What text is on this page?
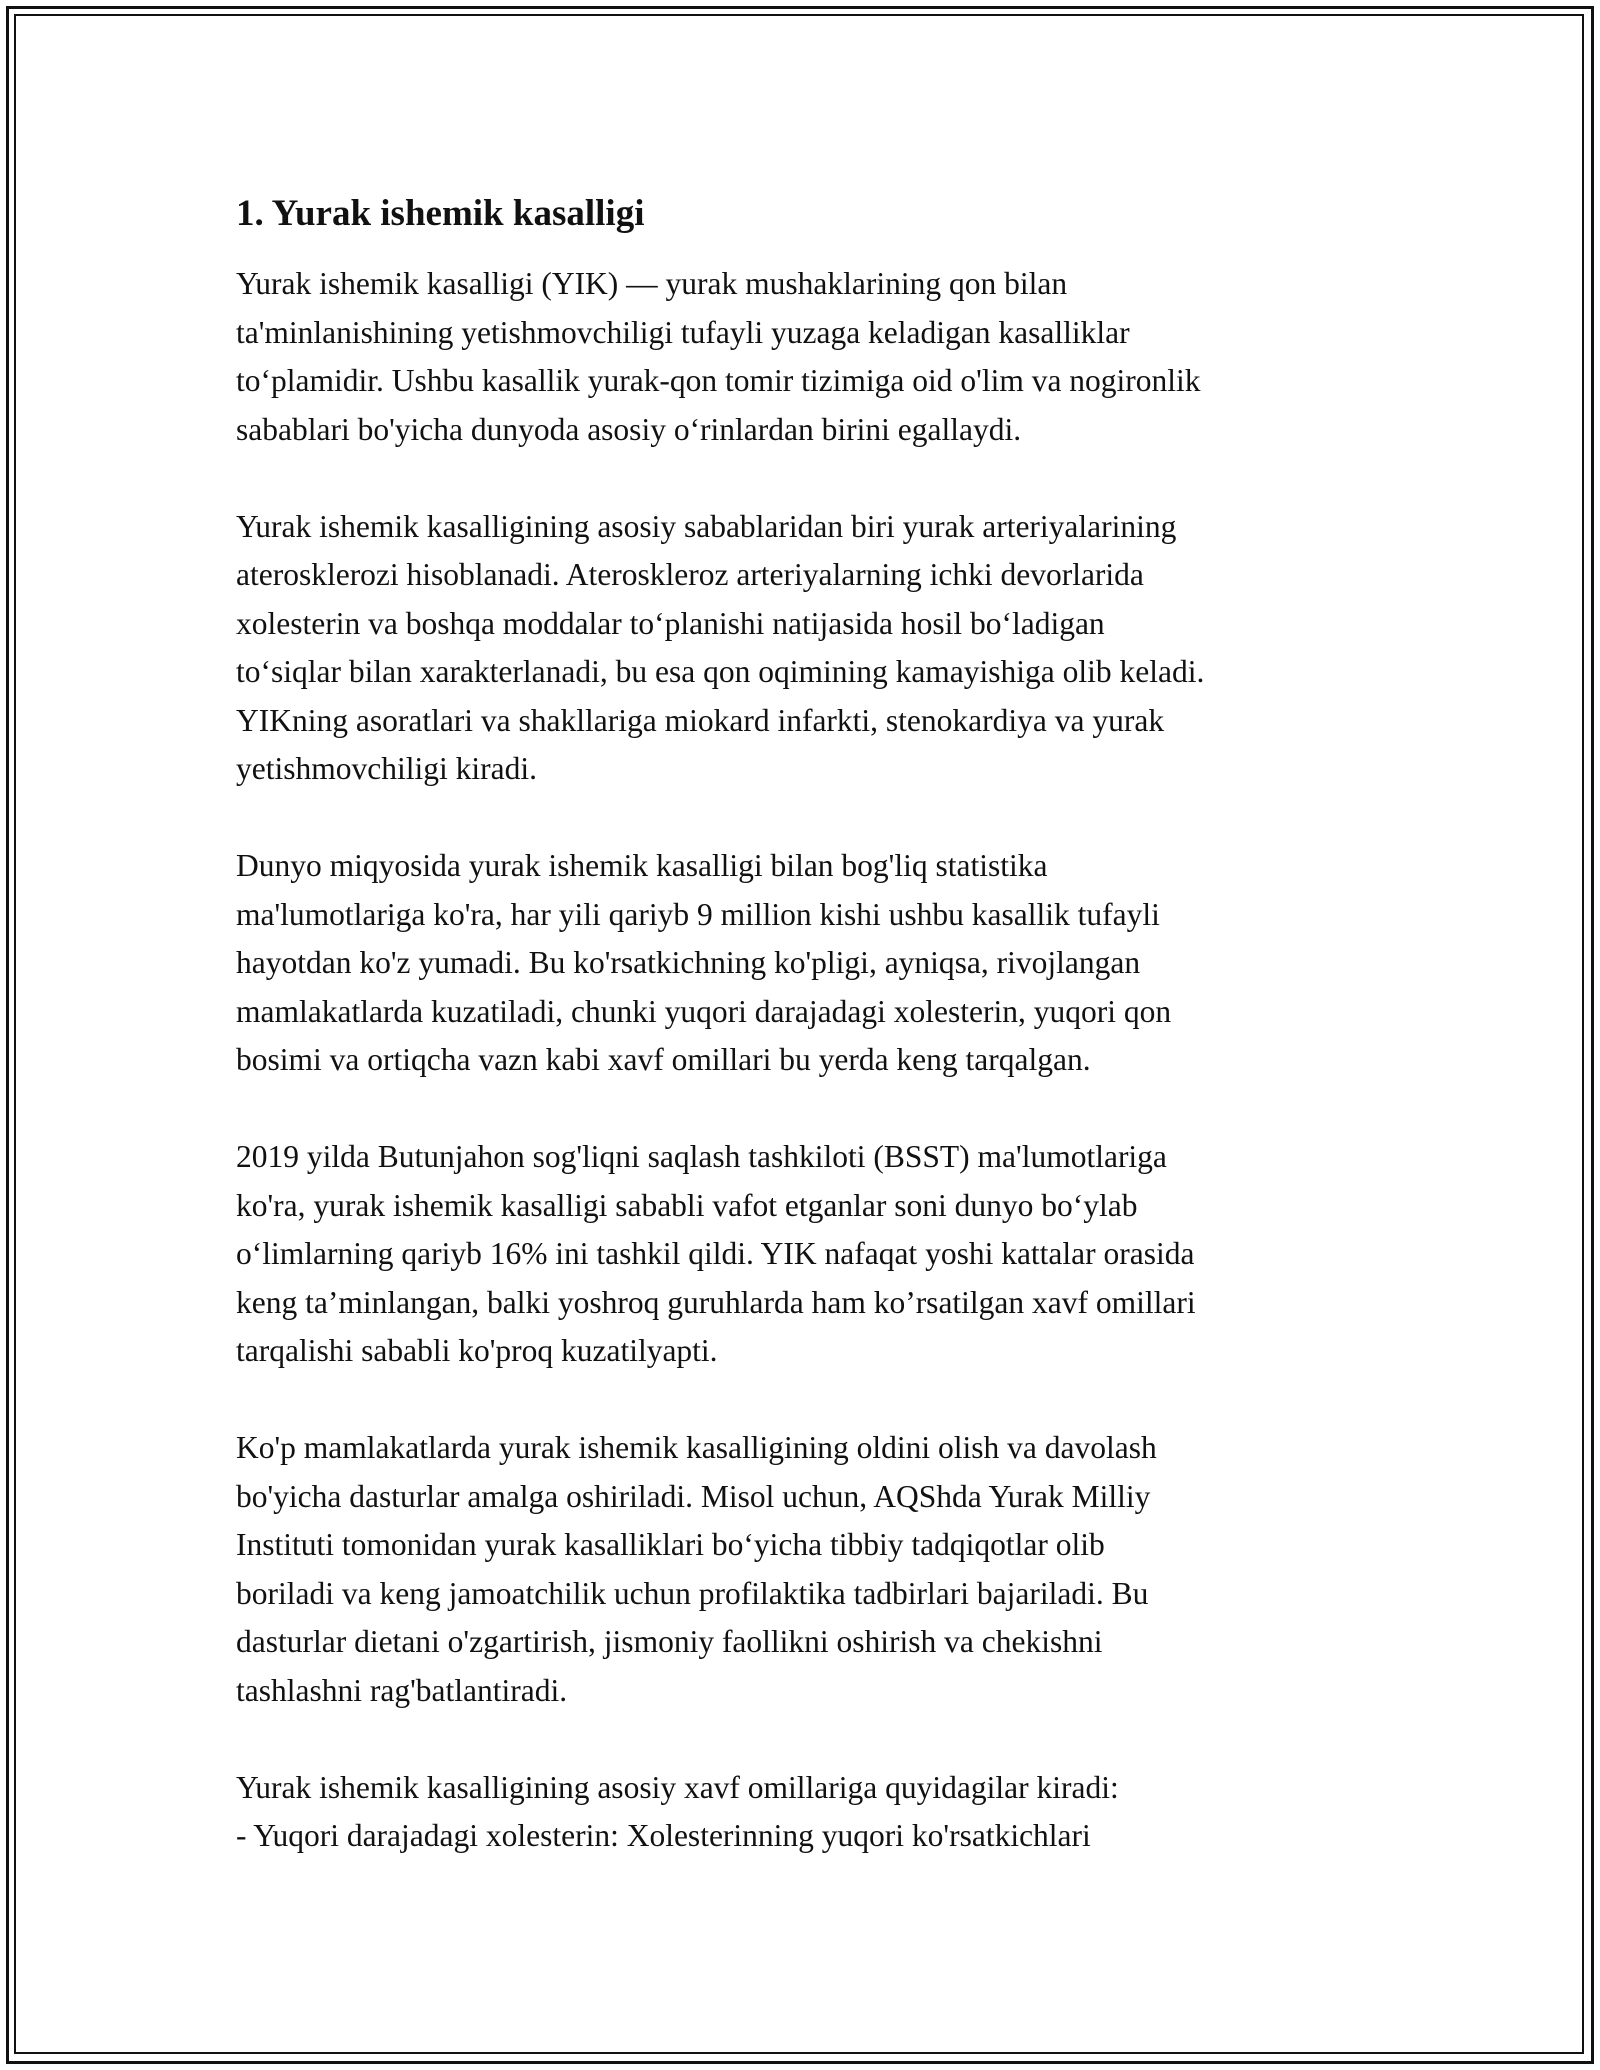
1. Yurak ishemik kasalligi
Yurak ishemik kasalligi (YIK) — yurak mushaklarining qon bilan
ta'minlanishining yetishmovchiligi tufayli yuzaga keladigan kasalliklar
to‘plamidir. Ushbu kasallik yurak-qon tomir tizimiga oid o'lim va nogironlik
sabablari bo'yicha dunyoda asosiy o‘rinlardan birini egallaydi.
Yurak ishemik kasalligining asosiy sabablaridan biri yurak arteriyalarining
aterosklerozi hisoblanadi. Ateroskleroz arteriyalarning ichki devorlarida
xolesterin va boshqa moddalar to‘planishi natijasida hosil bo‘ladigan
to‘siqlar bilan xarakterlanadi, bu esa qon oqimining kamayishiga olib keladi.
YIKning asoratlari va shakllariga miokard infarkti, stenokardiya va yurak
yetishmovchiligi kiradi.
Dunyo miqyosida yurak ishemik kasalligi bilan bog'liq statistika
ma'lumotlariga ko'ra, har yili qariyb 9 million kishi ushbu kasallik tufayli
hayotdan ko'z yumadi. Bu ko'rsatkichning ko'pligi, ayniqsa, rivojlangan
mamlakatlarda kuzatiladi, chunki yuqori darajadagi xolesterin, yuqori qon
bosimi va ortiqcha vazn kabi xavf omillari bu yerda keng tarqalgan.
2019 yilda Butunjahon sog'liqni saqlash tashkiloti (BSST) ma'lumotlariga
ko'ra, yurak ishemik kasalligi sababli vafot etganlar soni dunyo bo‘ylab
o‘limlarning qariyb 16% ini tashkil qildi. YIK nafaqat yoshi kattalar orasida
keng ta’minlangan, balki yoshroq guruhlarda ham ko’rsatilgan xavf omillari
tarqalishi sababli ko'proq kuzatilyapti.
Ko'p mamlakatlarda yurak ishemik kasalligining oldini olish va davolash
bo'yicha dasturlar amalga oshiriladi. Misol uchun, AQShda Yurak Milliy
Instituti tomonidan yurak kasalliklari bo‘yicha tibbiy tadqiqotlar olib
boriladi va keng jamoatchilik uchun profilaktika tadbirlari bajariladi. Bu
dasturlar dietani o'zgartirish, jismoniy faollikni oshirish va chekishni
tashlashni rag'batlantiradi.
Yurak ishemik kasalligining asosiy xavf omillariga quyidagilar kiradi:
- Yuqori darajadagi xolesterin: Xolesterinning yuqori ko'rsatkichlari
